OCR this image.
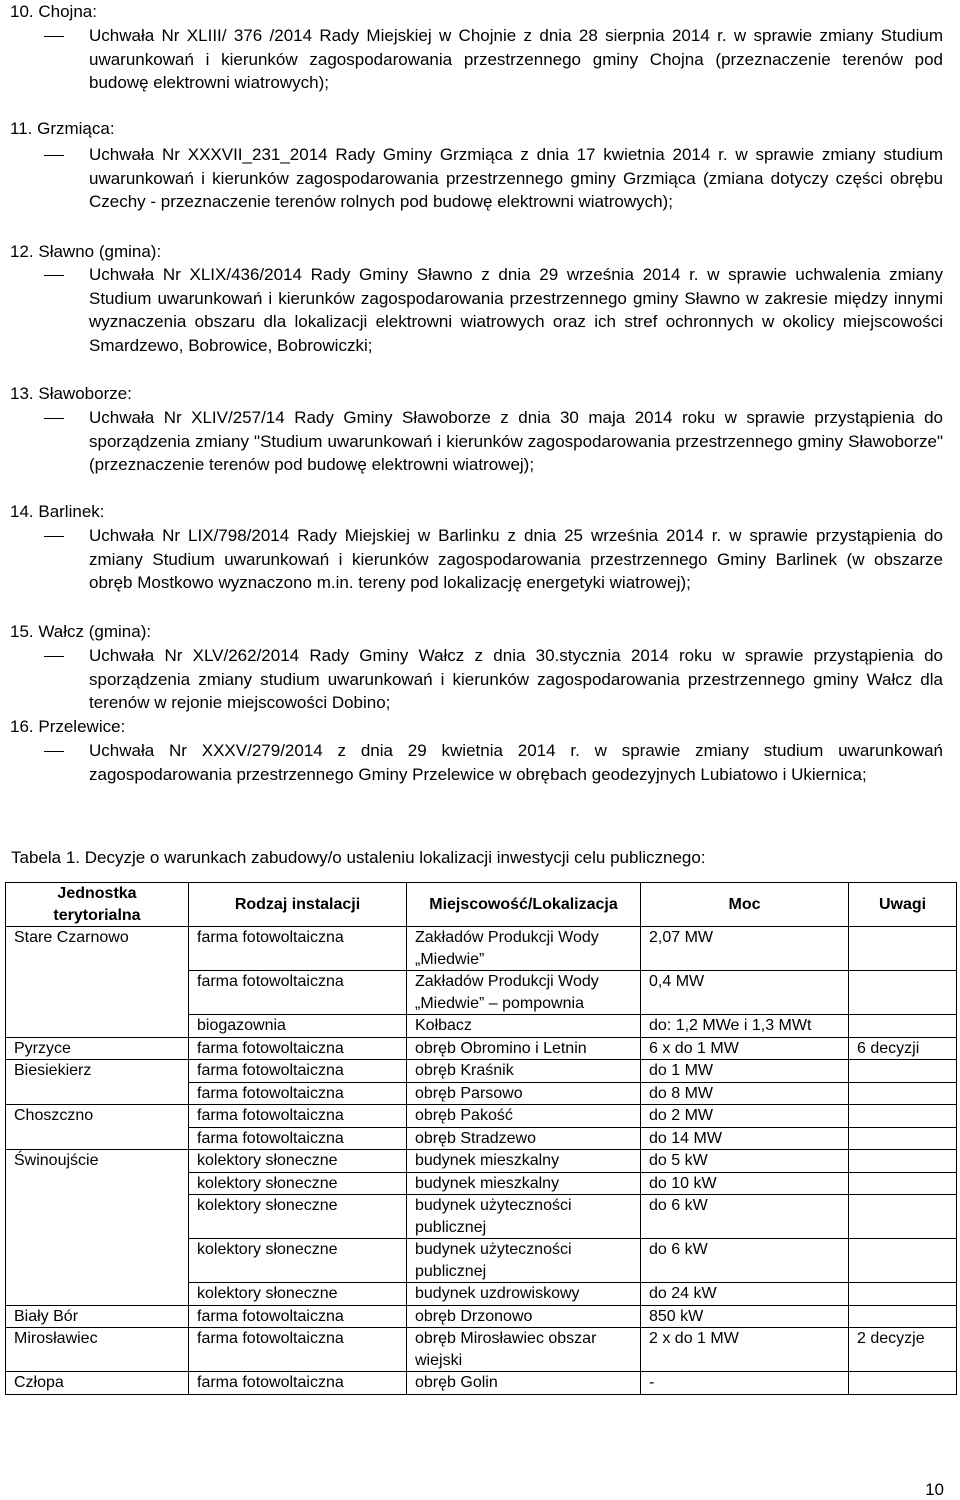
10. Chojna:
Uchwała Nr XLIII/ 376 /2014 Rady Miejskiej w Chojnie z dnia 28 sierpnia 2014 r. w sprawie zmiany Studium uwarunkowań i kierunków zagospodarowania przestrzennego gminy Chojna (przeznaczenie terenów pod budowę elektrowni wiatrowych);
11. Grzmiąca:
Uchwała Nr XXXVII_231_2014 Rady Gminy Grzmiąca z dnia 17 kwietnia 2014 r. w sprawie zmiany studium uwarunkowań i kierunków zagospodarowania przestrzennego gminy Grzmiąca (zmiana dotyczy części obrębu Czechy - przeznaczenie terenów rolnych pod budowę elektrowni wiatrowych);
12. Sławno (gmina):
Uchwała Nr XLIX/436/2014 Rady Gminy Sławno z dnia 29 września 2014 r. w sprawie uchwalenia zmiany Studium uwarunkowań i kierunków zagospodarowania przestrzennego gminy Sławno w zakresie między innymi wyznaczenia obszaru dla lokalizacji elektrowni wiatrowych oraz ich stref ochronnych w okolicy miejscowości Smardzewo, Bobrowice, Bobrowiczki;
13. Sławoborze:
Uchwała Nr XLIV/257/14 Rady Gminy Sławoborze z dnia 30 maja 2014 roku w sprawie przystąpienia do sporządzenia zmiany "Studium uwarunkowań i kierunków zagospodarowania przestrzennego gminy Sławoborze" (przeznaczenie terenów pod budowę elektrowni wiatrowej);
14. Barlinek:
Uchwała Nr LIX/798/2014 Rady Miejskiej w Barlinku z dnia 25 września 2014 r. w sprawie przystąpienia do zmiany Studium uwarunkowań i kierunków zagospodarowania przestrzennego Gminy Barlinek (w obszarze obręb Mostkowo wyznaczono m.in. tereny pod lokalizację energetyki wiatrowej);
15. Wałcz (gmina):
Uchwała Nr XLV/262/2014 Rady Gminy Wałcz z dnia 30.stycznia 2014 roku w sprawie przystąpienia do sporządzenia zmiany studium uwarunkowań i kierunków zagospodarowania przestrzennego gminy Wałcz dla terenów w rejonie miejscowości Dobino;
16. Przelewice:
Uchwała Nr XXXV/279/2014 z dnia 29 kwietnia 2014 r. w sprawie zmiany studium uwarunkowań zagospodarowania przestrzennego Gminy Przelewice w obrębach geodezyjnych Lubiatowo i Ukiernica;
Tabela 1. Decyzje o warunkach zabudowy/o ustaleniu lokalizacji inwestycji celu publicznego:
Jednostka terytorialna	Rodzaj instalacji	Miejscowość/Lokalizacja	Moc	Uwagi
Stare Czarnowo	farma fotowoltaiczna	Zakładów Produkcji Wody „Miedwie”	2,07 MW	
	farma fotowoltaiczna	Zakładów Produkcji Wody „Miedwie” – pompownia	0,4 MW	
	biogazownia	Kołbacz	do: 1,2 MWe i 1,3 MWt	
Pyrzyce	farma fotowoltaiczna	obręb Obromino i Letnin	6 x do 1 MW	6 decyzji
Biesiekierz	farma fotowoltaiczna	obręb Kraśnik	do 1 MW	
	farma fotowoltaiczna	obręb Parsowo	do 8 MW	
Choszczno	farma fotowoltaiczna	obręb Pakość	do 2 MW	
	farma fotowoltaiczna	obręb Stradzewo	do 14 MW	
Świnoujście	kolektory słoneczne	budynek mieszkalny	do 5 kW	
	kolektory słoneczne	budynek mieszkalny	do 10 kW	
	kolektory słoneczne	budynek użyteczności publicznej	do 6 kW	
	kolektory słoneczne	budynek użyteczności publicznej	do 6 kW	
	kolektory słoneczne	budynek uzdrowiskowy	do 24 kW	
Biały Bór	farma fotowoltaiczna	obręb Drzonowo	850 kW	
Mirosławiec	farma fotowoltaiczna	obręb Mirosławiec obszar wiejski	2 x do 1 MW	2 decyzje
Człopa	farma fotowoltaiczna	obręb Golin	-	
10
